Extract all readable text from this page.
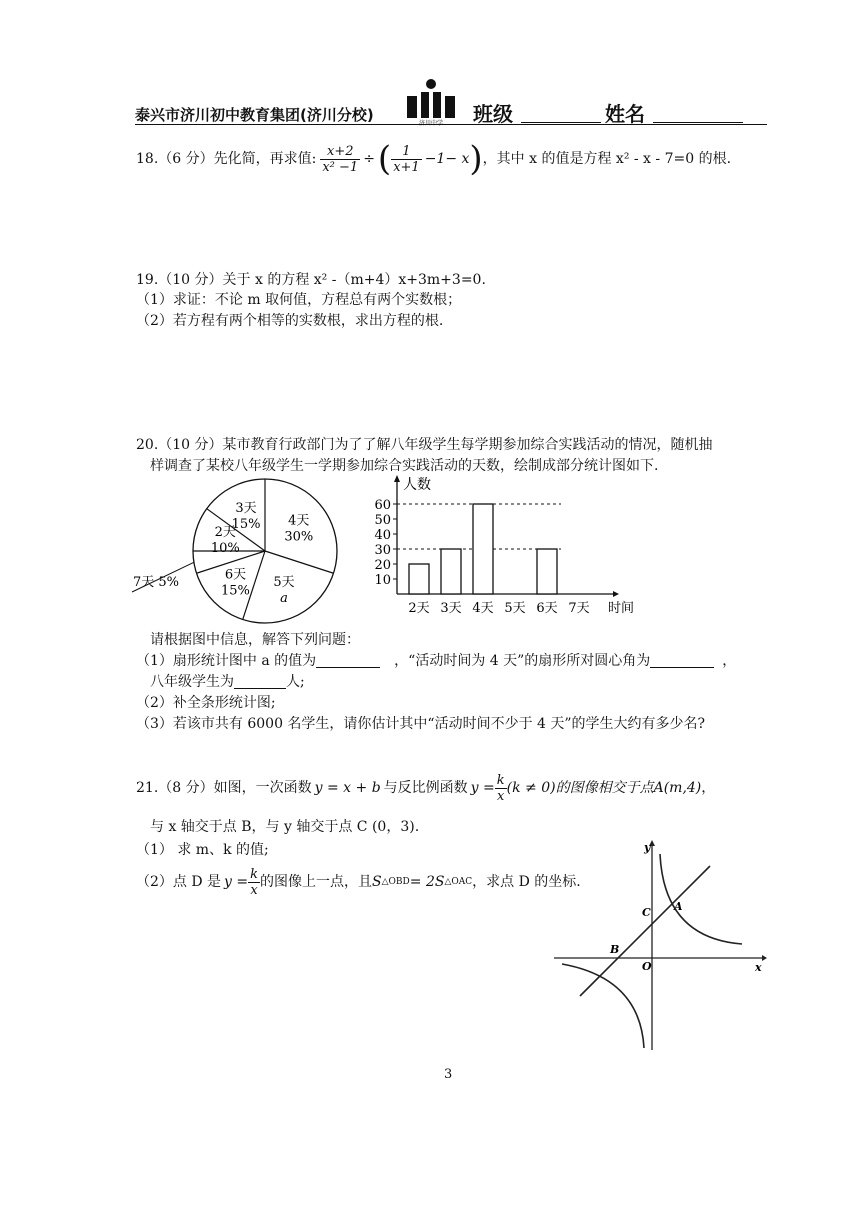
泰兴市济川初中教育集团(济川分校)	济川中学 班级	姓名
18.（6 分）先化简，再求值: $\frac{x+2}{\text{x² −1}}$ ÷ ( $\frac{1}{x+1} -1- x$ ) ，其中 x 的值是方程 x² - x - 7=0 的根.
19.（10 分）关于 x 的方程 x² -（m+4）x+3m+3=0.
（1）求证：不论 m 取何值，方程总有两个实数根；
（2）若方程有两个相等的实数根，求出方程的根.
20.（10 分）某市教育行政部门为了了解八年级学生每学期参加综合实践活动的情况，随机抽
样调查了某校八年级学生一学期参加综合实践活动的天数，绘制成部分统计图如下.
4天
30%
5天
a
6天
15%
7天 5%
2天
10%
3天
15%
人数
10
20
30
40
50
60
2天 3天 4天 5天 6天 7天 时间
请根据图中信息，解答下列问题：
（1）扇形统计图中 a 的值为	，“活动时间为 4 天”的扇形所对圆心角为	，
八年级学生为	人;
（2）补全条形统计图;
（3）若该市共有 6000 名学生，请你估计其中“活动时间不少于 4 天”的学生大约有多少名?
21.（8 分）如图，一次函数 y = x + b 与反比例函数 $y = \frac{k}{x} (k \ne 0)$的图像相交于点 A(m,4) ，
与 x 轴交于点 B，与 y 轴交于点 C (0，3).
（1） 求 m、k 的值;
（2）点 D 是 $y = \frac{k}{x}$ 的图像上一点，且 S △OBD = 2S △OAC ，求点 D 的坐标.
y
x
A
B
C
O
3
